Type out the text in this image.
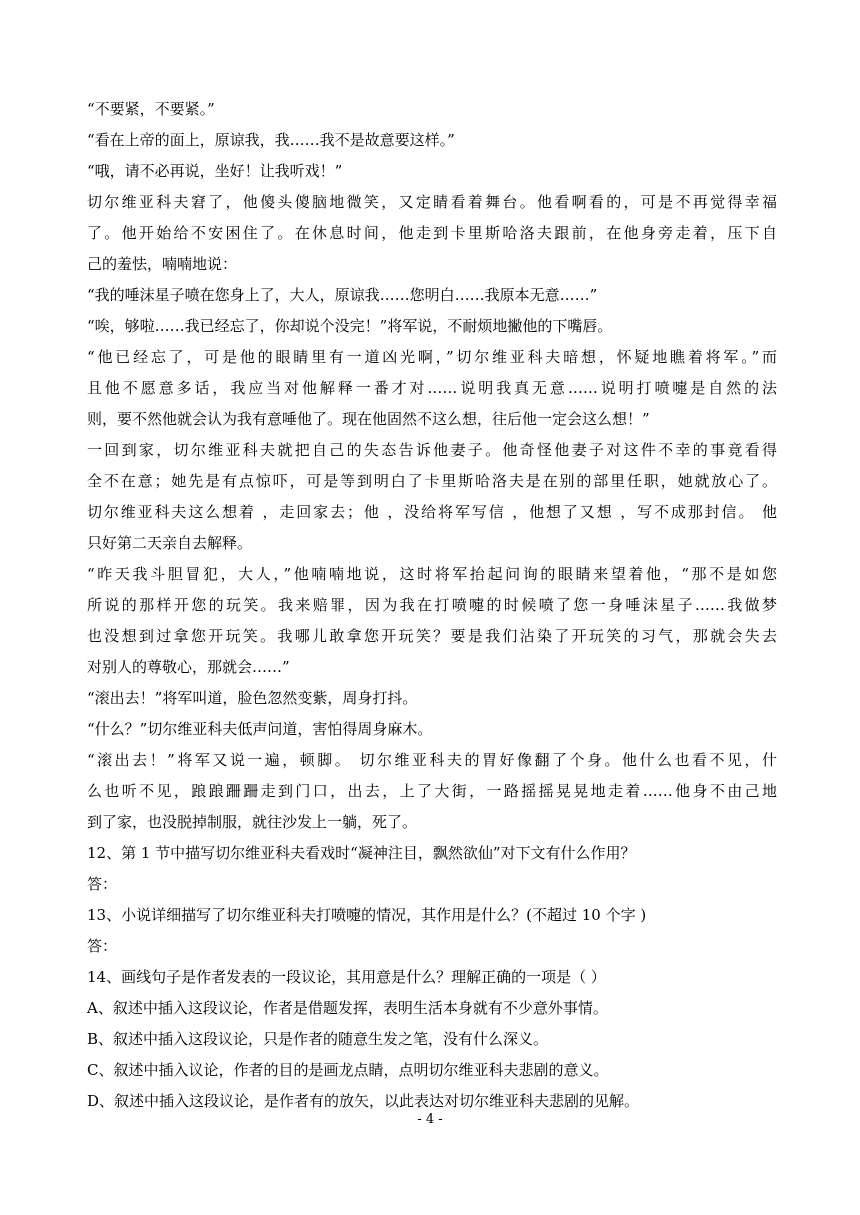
“不要紧，不要紧。”
“看在上帝的面上，原谅我，我……我不是故意要这样。”
“哦，请不必再说，坐好！让我听戏！”
切尔维亚科夫窘了，他傻头傻脑地微笑，又定睛看着舞台。他看啊看的，可是不再觉得幸福
了。他开始给不安困住了。在休息时间，他走到卡里斯哈洛夫跟前，在他身旁走着，压下自
己的羞怯，喃喃地说：
“我的唾沫星子喷在您身上了，大人，原谅我……您明白……我原本无意……”
“唉，够啦……我已经忘了，你却说个没完！”将军说，不耐烦地撇他的下嘴唇。
“他已经忘了，可是他的眼睛里有一道凶光啊，”切尔维亚科夫暗想，怀疑地瞧着将军。”而
且他不愿意多话，我应当对他解释一番才对……说明我真无意……说明打喷嚏是自然的法
则，要不然他就会认为我有意唾他了。现在他固然不这么想，往后他一定会这么想！”
一回到家，切尔维亚科夫就把自己的失态告诉他妻子。他奇怪他妻子对这件不幸的事竟看得
全不在意；她先是有点惊吓，可是等到明白了卡里斯哈洛夫是在别的部里任职，她就放心了。
切尔维亚科夫这么想着 ，走回家去；他 ，没给将军写信 ，他想了又想 ，写不成那封信。 他
只好第二天亲自去解释。
“昨天我斗胆冒犯，大人，”他喃喃地说，这时将军抬起问询的眼睛来望着他，“那不是如您
所说的那样开您的玩笑。我来赔罪，因为我在打喷嚏的时候喷了您一身唾沫星子……我做梦
也没想到过拿您开玩笑。我哪儿敢拿您开玩笑？要是我们沾染了开玩笑的习气，那就会失去
对别人的尊敬心，那就会……”
“滚出去！”将军叫道，脸色忽然变紫，周身打抖。
“什么？”切尔维亚科夫低声问道，害怕得周身麻木。
“滚出去！”将军又说一遍，顿脚。 切尔维亚科夫的胃好像翻了个身。他什么也看不见，什
么也听不见，踉踉跚跚走到门口，出去，上了大街，一路摇摇晃晃地走着……他身不由己地
到了家，也没脱掉制服，就往沙发上一躺，死了。
12、第 1 节中描写切尔维亚科夫看戏时“凝神注目，飘然欲仙”对下文有什么作用？
答：
13、小说详细描写了切尔维亚科夫打喷嚏的情况，其作用是什么？(不超过 10 个字 )
答：
14、画线句子是作者发表的一段议论，其用意是什么？理解正确的一项是（ ）
A、叙述中插入这段议论，作者是借题发挥，表明生活本身就有不少意外事情。
B、叙述中插入这段议论，只是作者的随意生发之笔，没有什么深义。
C、叙述中插入议论，作者的目的是画龙点睛，点明切尔维亚科夫悲剧的意义。
D、叙述中插入这段议论，是作者有的放矢，以此表达对切尔维亚科夫悲剧的见解。
- 4 -
